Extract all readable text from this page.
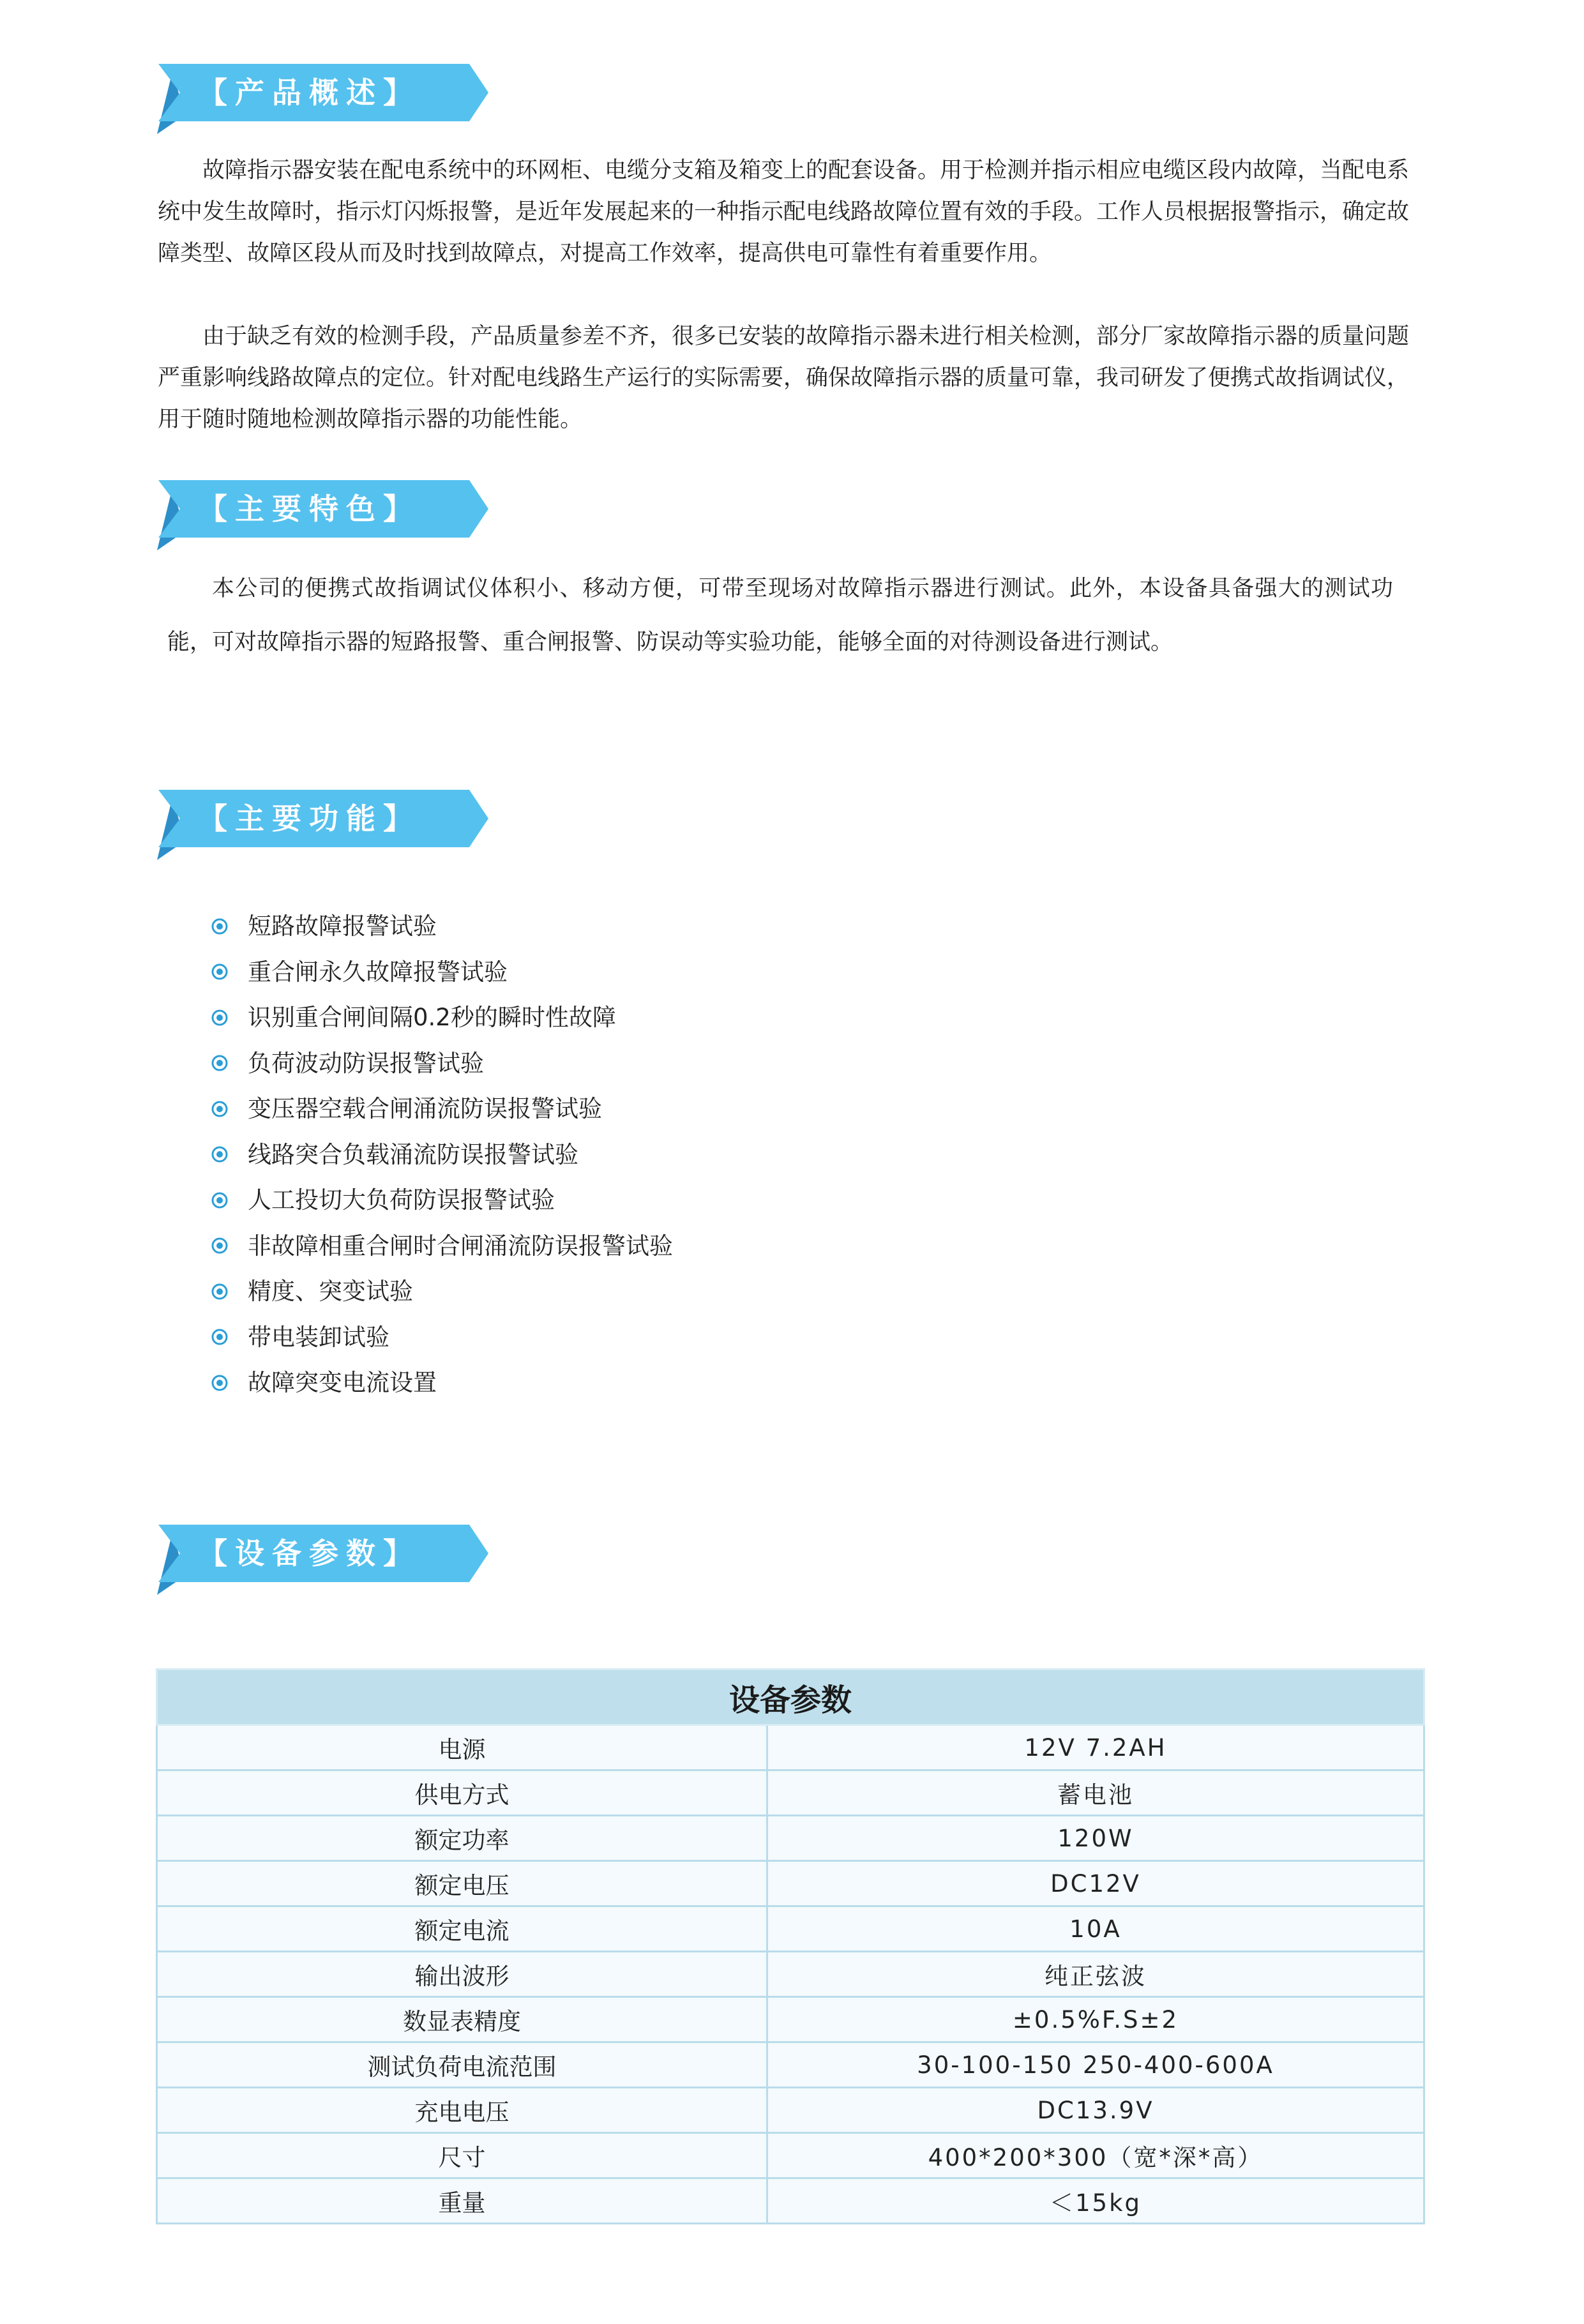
【产品概述】

故障指示器安装在配电系统中的环网柜、电缆分支箱及箱变上的配套设备。用于检测并指示相应电缆区段内故障，当配电系统中发生故障时，指示灯闪烁报警，是近年发展起来的一种指示配电线路故障位置有效的手段。工作人员根据报警指示，确定故障类型、故障区段从而及时找到故障点，对提高工作效率，提高供电可靠性有着重要作用。

由于缺乏有效的检测手段，产品质量参差不齐，很多已安装的故障指示器未进行相关检测，部分厂家故障指示器的质量问题严重影响线路故障点的定位。针对配电线路生产运行的实际需要，确保故障指示器的质量可靠，我司研发了便携式故指调试仪，用于随时随地检测故障指示器的功能性能。

【主要特色】

本公司的便携式故指调试仪体积小、移动方便，可带至现场对故障指示器进行测试。此外，本设备具备强大的测试功能，可对故障指示器的短路报警、重合闸报警、防误动等实验功能，能够全面的对待测设备进行测试。

【主要功能】
短路故障报警试验
重合闸永久故障报警试验
识别重合闸间隔0.2秒的瞬时性故障
负荷波动防误报警试验
变压器空载合闸涌流防误报警试验
线路突合负载涌流防误报警试验
人工投切大负荷防误报警试验
非故障相重合闸时合闸涌流防误报警试验
精度、突变试验
带电装卸试验
故障突变电流设置
【设备参数】
设备参数	
电源	12V 7.2AH
供电方式	蓄电池
额定功率	120W
额定电压	DC12V
额定电流	10A
输出波形	纯正弦波
数显表精度	±0.5%F.S±2
测试负荷电流范围	30-100-150 250-400-600A
充电电压	DC13.9V
尺寸	400*200*300（宽*深*高）
重量	＜15kg
